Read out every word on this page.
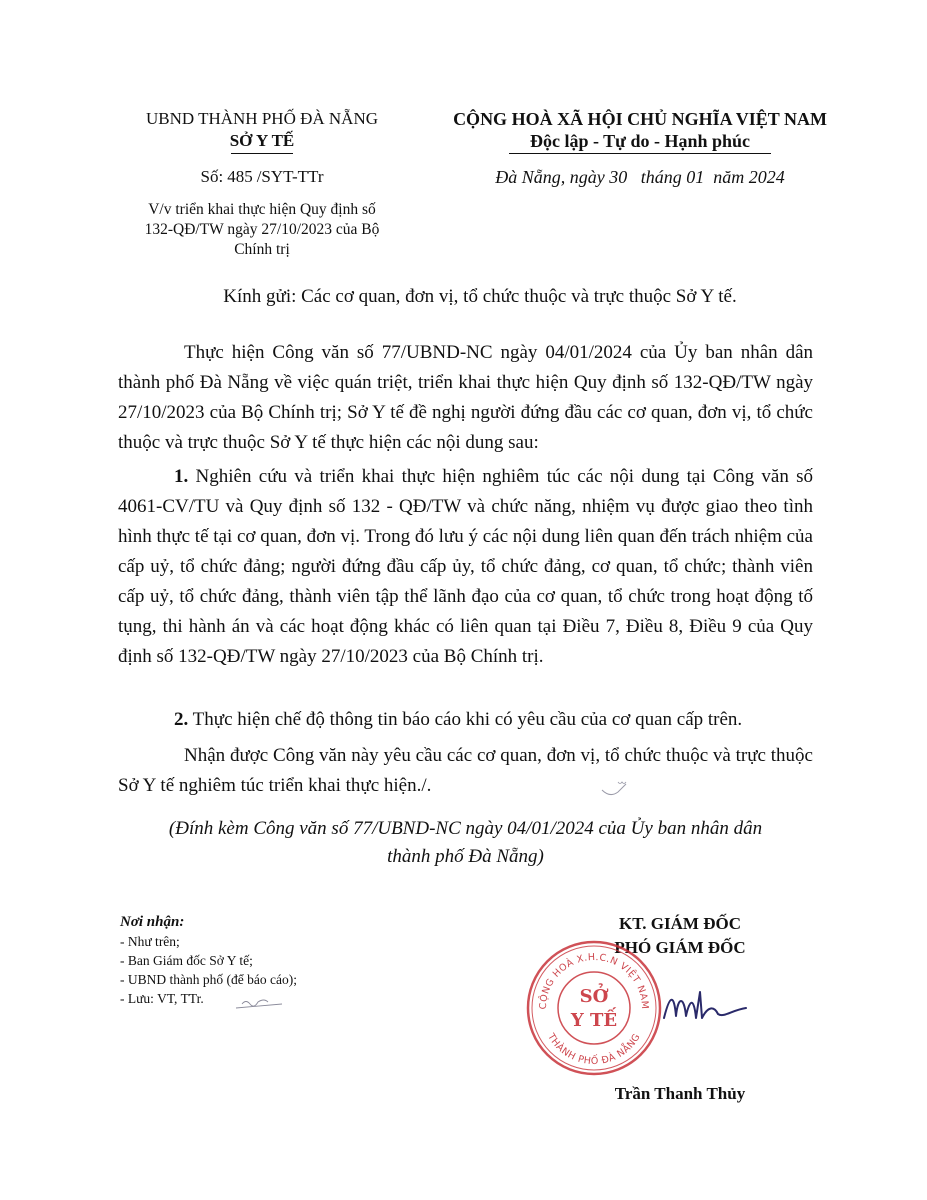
UBND THÀNH PHỐ ĐÀ NẴNG
SỞ Y TẾ
Số: 485 /SYT-TTr
V/v triển khai thực hiện Quy định số
132-QĐ/TW ngày 27/10/2023 của Bộ
Chính trị
CỘNG HOÀ XÃ HỘI CHỦ NGHĨA VIỆT NAM
Độc lập - Tự do - Hạnh phúc
Đà Nẵng, ngày 30 tháng 01 năm 2024
Kính gửi: Các cơ quan, đơn vị, tổ chức thuộc và trực thuộc Sở Y tế.
Thực hiện Công văn số 77/UBND-NC ngày 04/01/2024 của Ủy ban nhân dân thành phố Đà Nẵng về việc quán triệt, triển khai thực hiện Quy định số 132-QĐ/TW ngày 27/10/2023 của Bộ Chính trị; Sở Y tế đề nghị người đứng đầu các cơ quan, đơn vị, tổ chức thuộc và trực thuộc Sở Y tế thực hiện các nội dung sau:
1. Nghiên cứu và triển khai thực hiện nghiêm túc các nội dung tại Công văn số 4061-CV/TU và Quy định số 132 - QĐ/TW và chức năng, nhiệm vụ được giao theo tình hình thực tế tại cơ quan, đơn vị. Trong đó lưu ý các nội dung liên quan đến trách nhiệm của cấp uỷ, tổ chức đảng; người đứng đầu cấp ủy, tổ chức đảng, cơ quan, tổ chức; thành viên cấp uỷ, tổ chức đảng, thành viên tập thể lãnh đạo của cơ quan, tổ chức trong hoạt động tố tụng, thi hành án và các hoạt động khác có liên quan tại Điều 7, Điều 8, Điều 9 của Quy định số 132-QĐ/TW ngày 27/10/2023 của Bộ Chính trị.
2. Thực hiện chế độ thông tin báo cáo khi có yêu cầu của cơ quan cấp trên.
Nhận được Công văn này yêu cầu các cơ quan, đơn vị, tổ chức thuộc và trực thuộc Sở Y tế nghiêm túc triển khai thực hiện./.
(Đính kèm Công văn số 77/UBND-NC ngày 04/01/2024 của Ủy ban nhân dân
thành phố Đà Nẵng)
Nơi nhận:
- Như trên;
- Ban Giám đốc Sở Y tế;
- UBND thành phố (để báo cáo);
- Lưu: VT, TTr.
KT. GIÁM ĐỐC
PHÓ GIÁM ĐỐC
CỘNG HOÀ X.H.C.N VIỆT NAM
THÀNH PHỐ ĐÀ NẴNG
SỞ
Y TẾ
Trần Thanh Thủy
